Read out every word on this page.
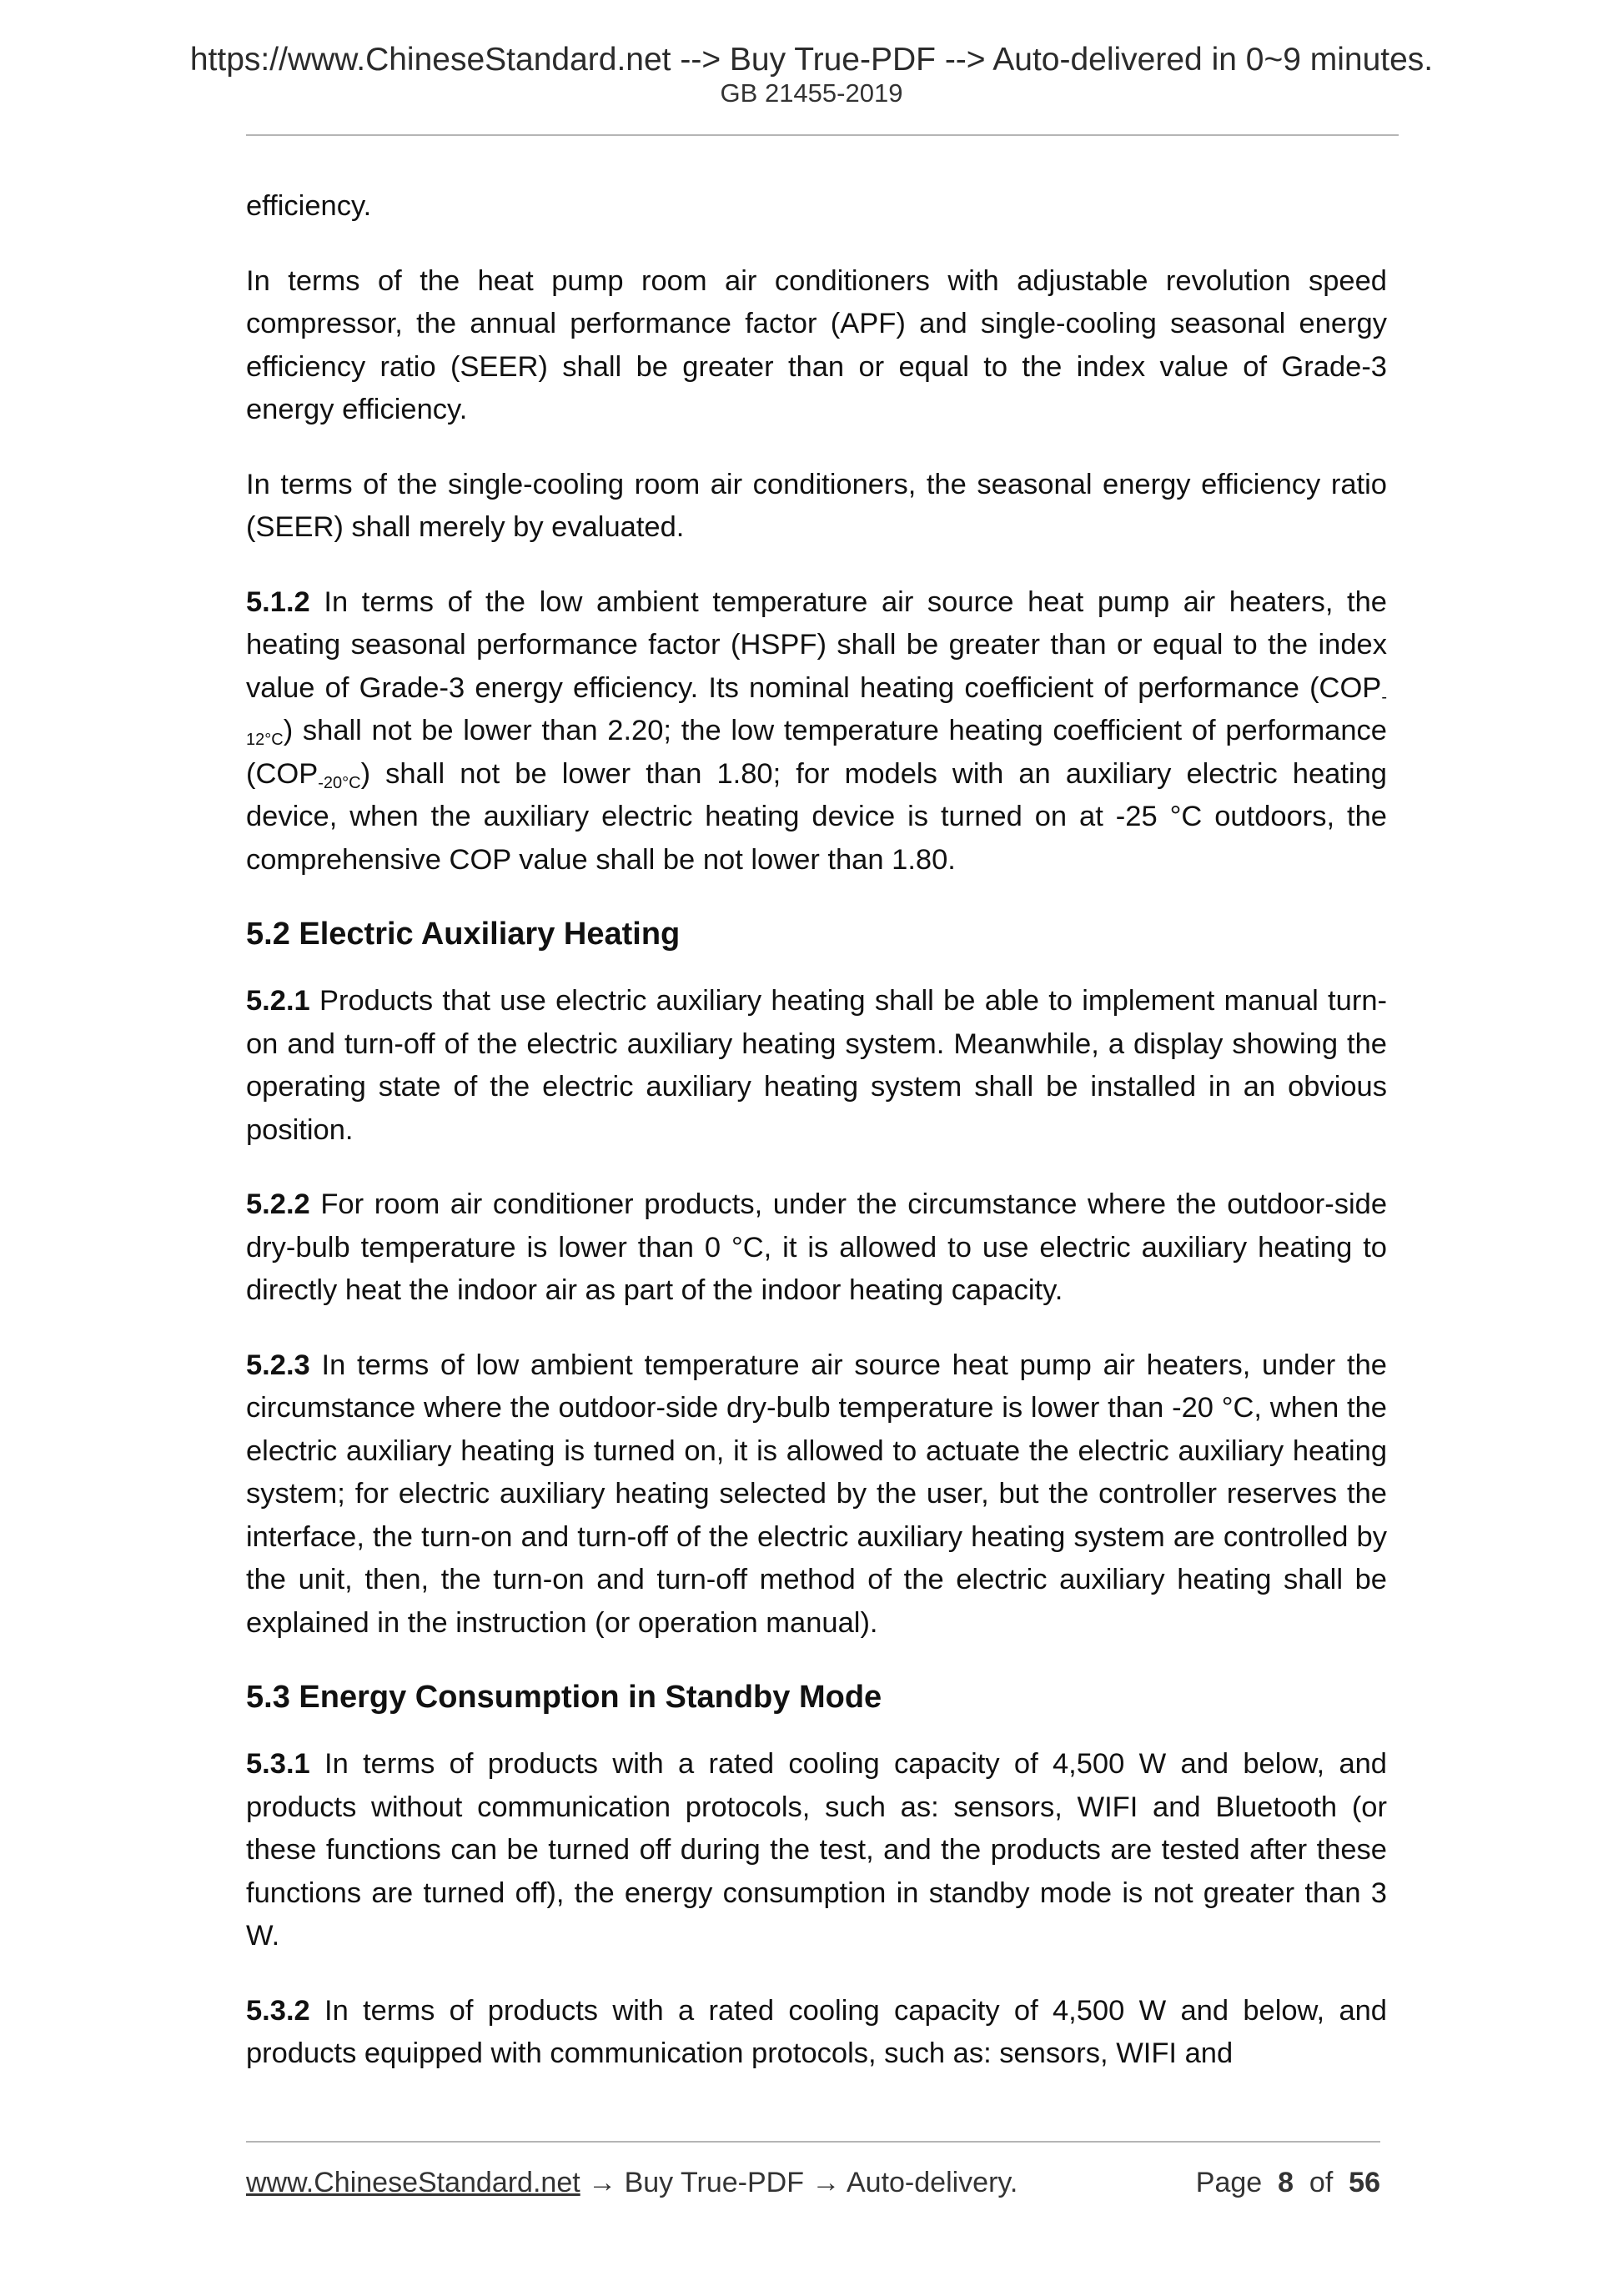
https://www.ChineseStandard.net --> Buy True-PDF --> Auto-delivered in 0~9 minutes.
GB 21455-2019

efficiency.

In terms of the heat pump room air conditioners with adjustable revolution speed compressor, the annual performance factor (APF) and single-cooling seasonal energy efficiency ratio (SEER) shall be greater than or equal to the index value of Grade-3 energy efficiency.

In terms of the single-cooling room air conditioners, the seasonal energy efficiency ratio (SEER) shall merely by evaluated.

5.1.2 In terms of the low ambient temperature air source heat pump air heaters, the heating seasonal performance factor (HSPF) shall be greater than or equal to the index value of Grade-3 energy efficiency. Its nominal heating coefficient of performance $(COP_{-12^\circ C})$ shall not be lower than 2.20; the low temperature heating coefficient of performance $(COP_{-20^\circ C})$ shall not be lower than 1.80; for models with an auxiliary electric heating device, when the auxiliary electric heating device is turned on at -25 °C outdoors, the comprehensive COP value shall be not lower than 1.80.

5.2 Electric Auxiliary Heating

5.2.1 Products that use electric auxiliary heating shall be able to implement manual turn-on and turn-off of the electric auxiliary heating system. Meanwhile, a display showing the operating state of the electric auxiliary heating system shall be installed in an obvious position.

5.2.2 For room air conditioner products, under the circumstance where the outdoor-side dry-bulb temperature is lower than 0 °C, it is allowed to use electric auxiliary heating to directly heat the indoor air as part of the indoor heating capacity.

5.2.3 In terms of low ambient temperature air source heat pump air heaters, under the circumstance where the outdoor-side dry-bulb temperature is lower than -20 °C, when the electric auxiliary heating is turned on, it is allowed to actuate the electric auxiliary heating system; for electric auxiliary heating selected by the user, but the controller reserves the interface, the turn-on and turn-off of the electric auxiliary heating system are controlled by the unit, then, the turn-on and turn-off method of the electric auxiliary heating shall be explained in the instruction (or operation manual).

5.3 Energy Consumption in Standby Mode

5.3.1 In terms of products with a rated cooling capacity of 4,500 W and below, and products without communication protocols, such as: sensors, WIFI and Bluetooth (or these functions can be turned off during the test, and the products are tested after these functions are turned off), the energy consumption in standby mode is not greater than 3 W.

5.3.2 In terms of products with a rated cooling capacity of 4,500 W and below, and products equipped with communication protocols, such as: sensors, WIFI and

www.ChineseStandard.net → Buy True-PDF → Auto-delivery.	Page 8 of 56
